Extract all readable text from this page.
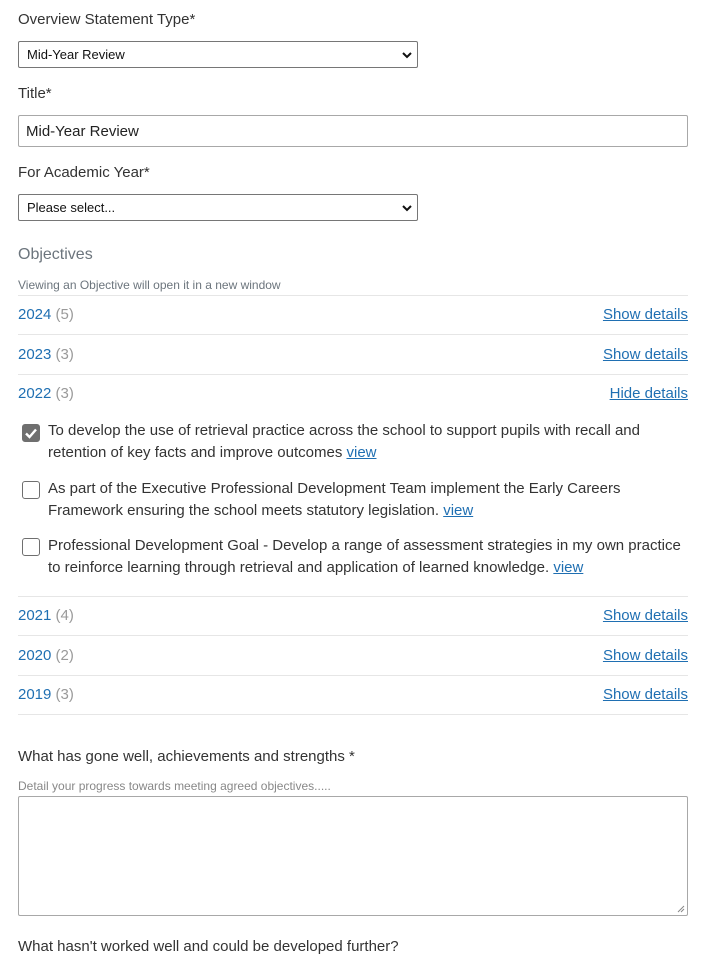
Overview Statement Type*
Mid-Year Review
Title*
Mid-Year Review
For Academic Year*
Please select...
Objectives
Viewing an Objective will open it in a new window
2024 (5)	Show details
2023 (3)	Show details
2022 (3)	Hide details
To develop the use of retrieval practice across the school to support pupils with recall and
retention of key facts and improve outcomes view
As part of the Executive Professional Development Team implement the Early Careers
Framework ensuring the school meets statutory legislation. view
Professional Development Goal - Develop a range of assessment strategies in my own practice
to reinforce learning through retrieval and application of learned knowledge. view
2021 (4)	Show details
2020 (2)	Show details
2019 (3)	Show details
What has gone well, achievements and strengths *
Detail your progress towards meeting agreed objectives.....
What hasn't worked well and could be developed further?
